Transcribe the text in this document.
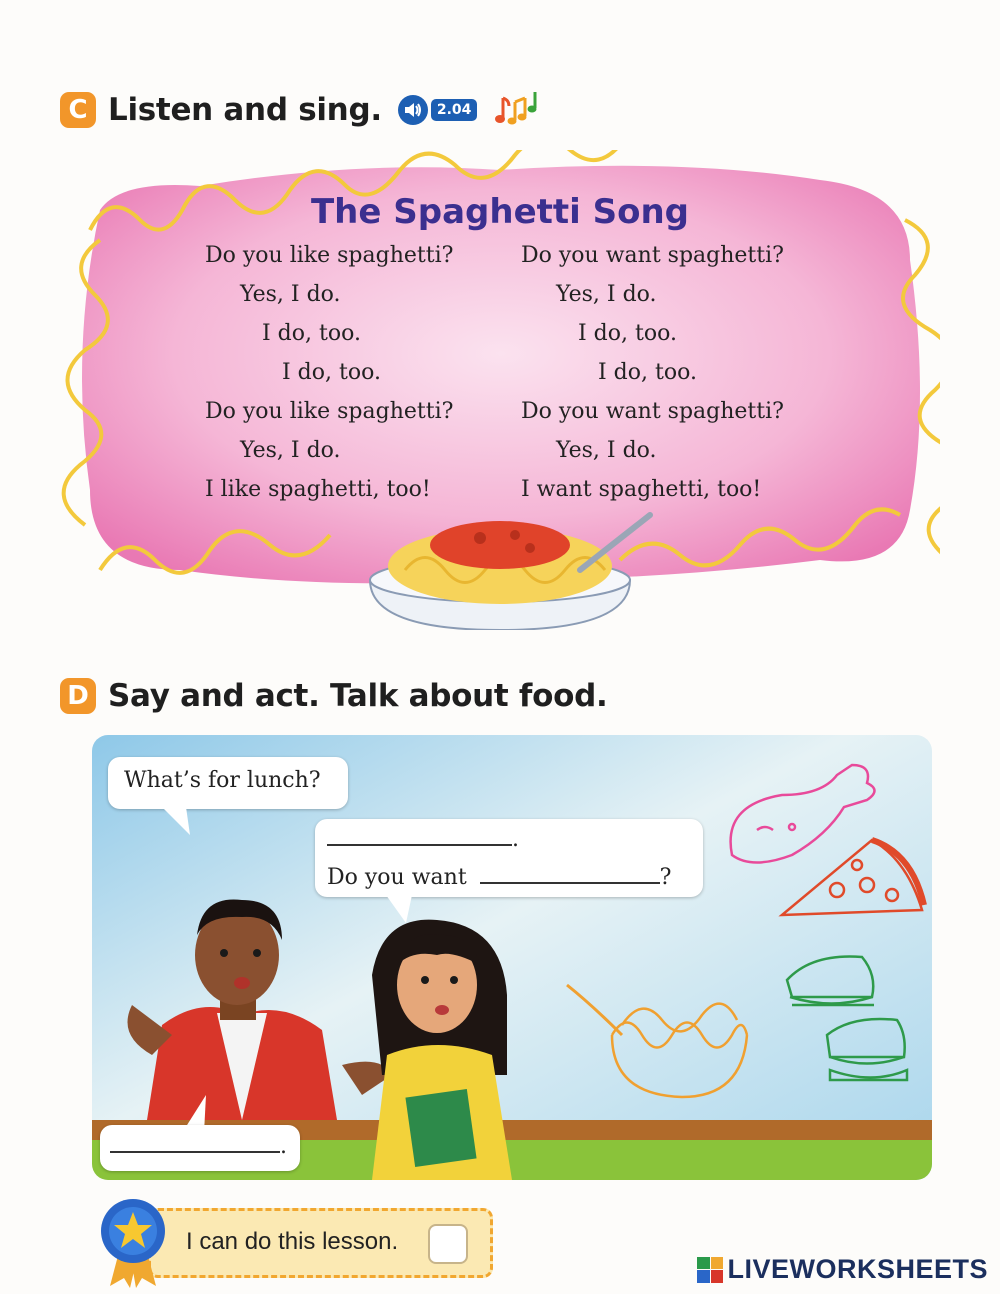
C Listen and sing.	2.04
The Spaghetti Song
Do you like spaghetti?
Yes, I do.
I do, too.
I do, too.
Do you like spaghetti?
Yes, I do.
I like spaghetti, too!
Do you want spaghetti?
Yes, I do.
I do, too.
I do, too.
Do you want spaghetti?
Yes, I do.
I want spaghetti, too!
D Say and act. Talk about food.
What’s for lunch?
.
Do you want	?
.
I can do this lesson.
LIVEWORKSHEETS
